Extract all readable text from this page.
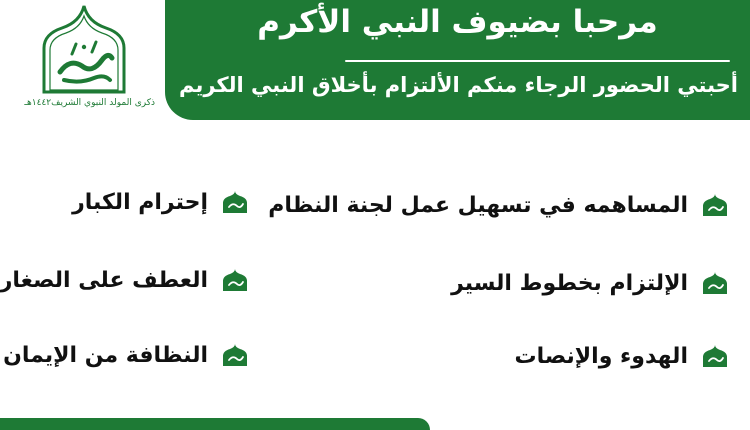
مرحبا بضيوف النبي الأكرم
أحبتي الحضور الرجاء منكم الألتزام بأخلاق النبي الكريم
ذكرى المولد النبوي الشريف١٤٤٢هـ
المساهمه في تسهيل عمل لجنة النظام
الإلتزام بخطوط السير
الهدوء والإنصات
إحترام الكبار
العطف على الصغار
النظافة من الإيمان
